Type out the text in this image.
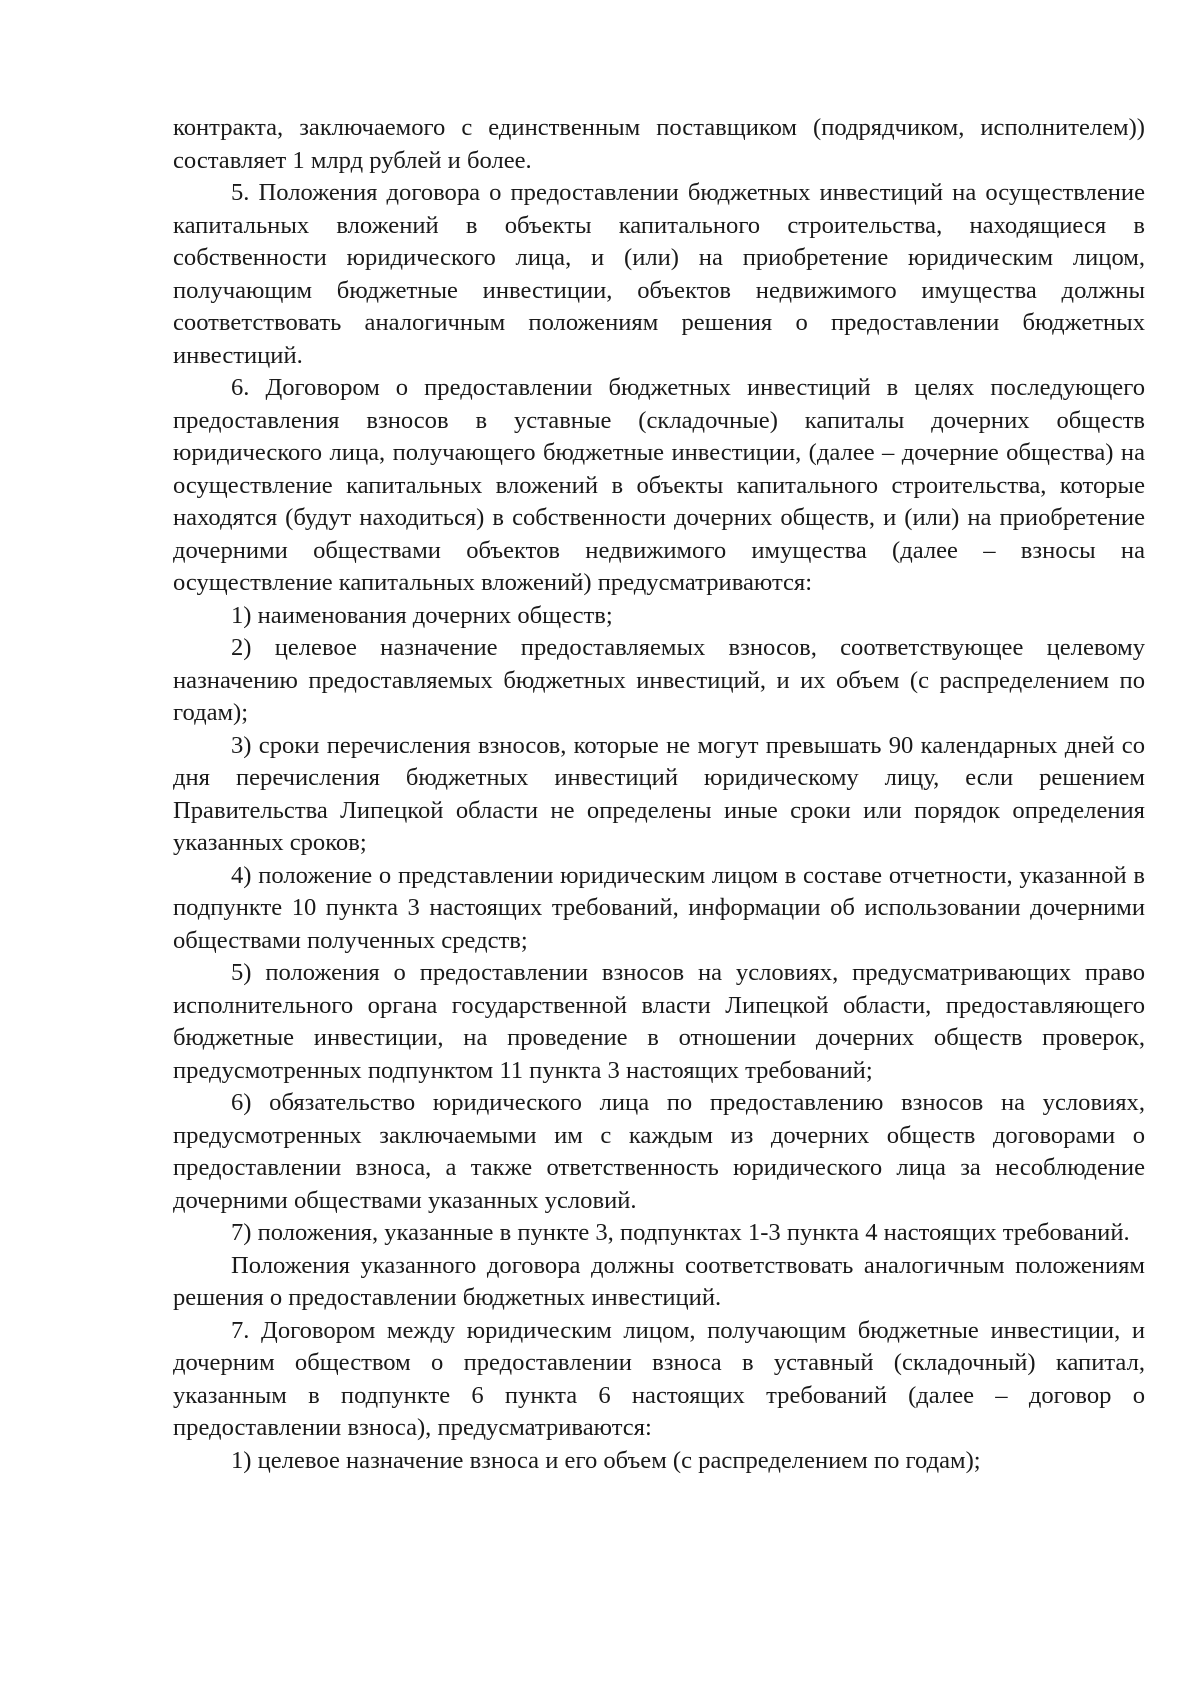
контракта, заключаемого с единственным поставщиком (подрядчиком, исполнителем)) составляет 1 млрд рублей и более.

5. Положения договора о предоставлении бюджетных инвестиций на осуществление капитальных вложений в объекты капитального строительства, находящиеся в собственности юридического лица, и (или) на приобретение юридическим лицом, получающим бюджетные инвестиции, объектов недвижимого имущества должны соответствовать аналогичным положениям решения о предоставлении бюджетных инвестиций.

6. Договором о предоставлении бюджетных инвестиций в целях последующего предоставления взносов в уставные (складочные) капиталы дочерних обществ юридического лица, получающего бюджетные инвестиции, (далее – дочерние общества) на осуществление капитальных вложений в объекты капитального строительства, которые находятся (будут находиться) в собственности дочерних обществ, и (или) на приобретение дочерними обществами объектов недвижимого имущества (далее – взносы на осуществление капитальных вложений) предусматриваются:

1) наименования дочерних обществ;

2) целевое назначение предоставляемых взносов, соответствующее целевому назначению предоставляемых бюджетных инвестиций, и их объем (с распределением по годам);

3) сроки перечисления взносов, которые не могут превышать 90 календарных дней со дня перечисления бюджетных инвестиций юридическому лицу, если решением Правительства Липецкой области не определены иные сроки или порядок определения указанных сроков;

4) положение о представлении юридическим лицом в составе отчетности, указанной в подпункте 10 пункта 3 настоящих требований, информации об использовании дочерними обществами полученных средств;

5) положения о предоставлении взносов на условиях, предусматривающих право исполнительного органа государственной власти Липецкой области, предоставляющего бюджетные инвестиции, на проведение в отношении дочерних обществ проверок, предусмотренных подпунктом 11 пункта 3 настоящих требований;

6) обязательство юридического лица по предоставлению взносов на условиях, предусмотренных заключаемыми им с каждым из дочерних обществ договорами о предоставлении взноса, а также ответственность юридического лица за несоблюдение дочерними обществами указанных условий.

7) положения, указанные в пункте 3, подпунктах 1-3 пункта 4 настоящих требований.

Положения указанного договора должны соответствовать аналогичным положениям решения о предоставлении бюджетных инвестиций.

7. Договором между юридическим лицом, получающим бюджетные инвестиции, и дочерним обществом о предоставлении взноса в уставный (складочный) капитал, указанным в подпункте 6 пункта 6 настоящих требований (далее – договор о предоставлении взноса), предусматриваются:

1) целевое назначение взноса и его объем (с распределением по годам);
